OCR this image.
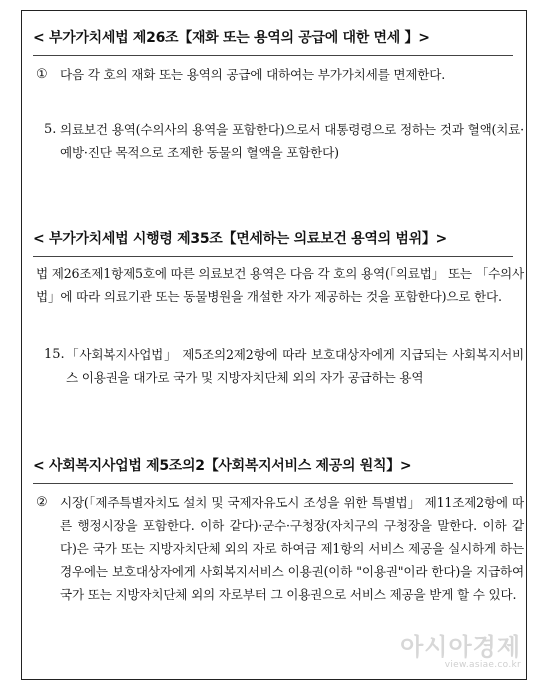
< 부가가치세법 제26조【재화 또는 용역의 공급에 대한 면세 】>
① 다음 각 호의 재화 또는 용역의 공급에 대하여는 부가가치세를 면제한다.
5. 의료보건 용역(수의사의 용역을 포함한다)으로서 대통령령으로 정하는 것과 혈액(치료·예방·진단 목적으로 조제한 동물의 혈액을 포함한다)
< 부가가치세법 시행령 제35조【면세하는 의료보건 용역의 범위】>
법 제26조제1항제5호에 따른 의료보건 용역은 다음 각 호의 용역(「의료법」 또는 「수의사법」에 따라 의료기관 또는 동물병원을 개설한 자가 제공하는 것을 포함한다)으로 한다.
15. 「사회복지사업법」 제5조의2제2항에 따라 보호대상자에게 지급되는 사회복지서비스 이용권을 대가로 국가 및 지방자치단체 외의 자가 공급하는 용역
< 사회복지사업법 제5조의2【사회복지서비스 제공의 원칙】>
② 시장(「제주특별자치도 설치 및 국제자유도시 조성을 위한 특별법」 제11조제2항에 따른 행정시장을 포함한다. 이하 같다)·군수·구청장(자치구의 구청장을 말한다. 이하 같다)은 국가 또는 지방자치단체 외의 자로 하여금 제1항의 서비스 제공을 실시하게 하는 경우에는 보호대상자에게 사회복지서비스 이용권(이하 "이용권"이라 한다)을 지급하여 국가 또는 지방자치단체 외의 자로부터 그 이용권으로 서비스 제공을 받게 할 수 있다.
아시아경제
view.asiae.co.kr
